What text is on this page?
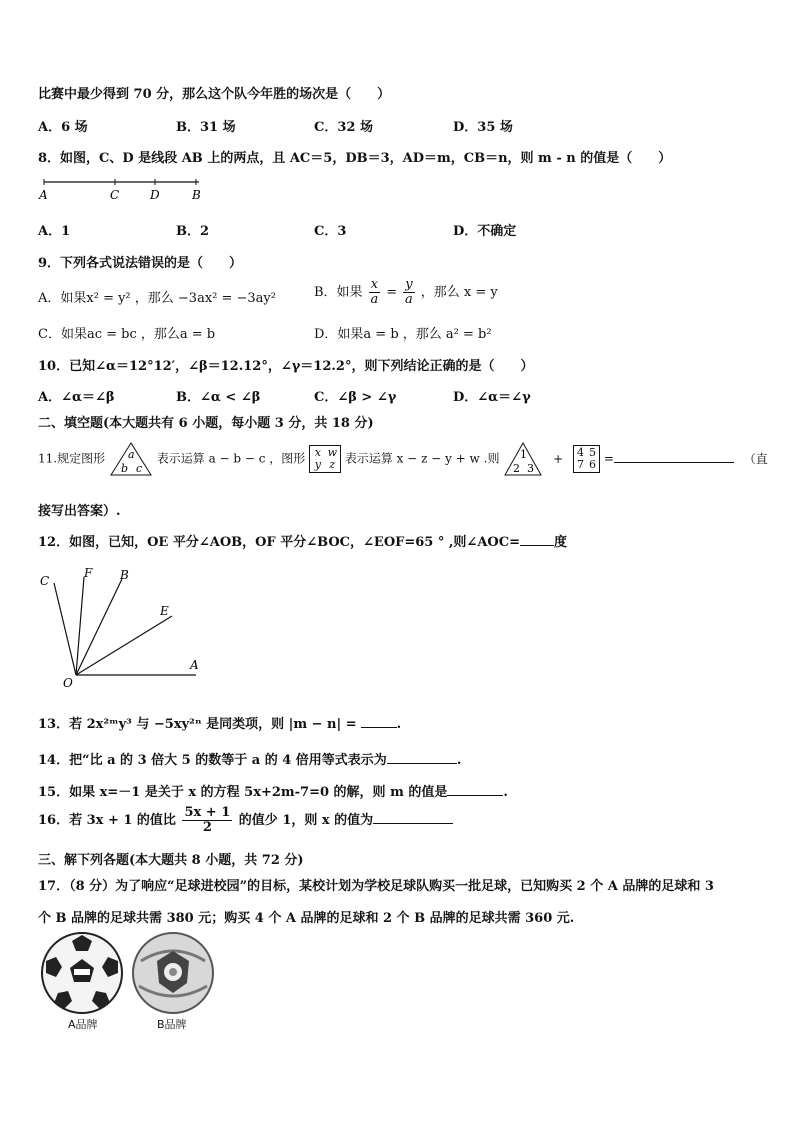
比赛中最少得到 70 分，那么这个队今年胜的场次是（　　）
A．6 场	B．31 场	C．32 场	D．35 场
8．如图，C、D 是线段 AB 上的两点，且 AC＝5，DB＝3，AD＝m，CB＝n，则 m - n 的值是（　　）
A	C	D	B
A．1	B．2	C．3	D．不确定
9．下列各式说法错误的是（　　）
A．如果x² = y² ，那么 −3ax² = −3ay²	B．如果 $\frac{x}{a} = \frac{y}{a}$ ，那么 x = y
C．如果ac = bc ，那么a = b	D．如果a = b ，那么 a² = b²
10．已知∠α＝12°12′，∠β＝12.12°，∠γ＝12.2°，则下列结论正确的是（　　）
A．∠α＝∠β	B．∠α < ∠β	C．∠β > ∠γ	D．∠α＝∠γ
二、填空题(本大题共有 6 小题，每小题 3 分，共 18 分)
11.规定图形 a
b c
表示运算 a − b − c ，图形 x w
y z 表示运算 x − z − y + w .则 1
2 3
+ 4 5
7 6 =	（直
接写出答案）.
12．如图，已知，OE 平分∠AOB，OF 平分∠BOC，∠EOF=65 ° ,则∠AOC=	度
C
F B
E
A
O
13．若 2x²ᵐy³ 与 −5xy²ⁿ 是同类项，则 |m − n| =	.
14．把“比 a 的 3 倍大 5 的数等于 a 的 4 倍用等式表示为	.
15．如果 x=－1 是关于 x 的方程 5x+2m-7=0 的解，则 m 的值是	.
16．若 3x + 1 的值比 $\frac{5x + 1}{2}$ 的值少 1，则 x 的值为
三、解下列各题(本大题共 8 小题，共 72 分)
17．（8 分）为了响应“足球进校园”的目标，某校计划为学校足球队购买一批足球，已知购买 2 个 A 品牌的足球和 3
个 B 品牌的足球共需 380 元；购买 4 个 A 品牌的足球和 2 个 B 品牌的足球共需 360 元.
A品牌	B品牌
